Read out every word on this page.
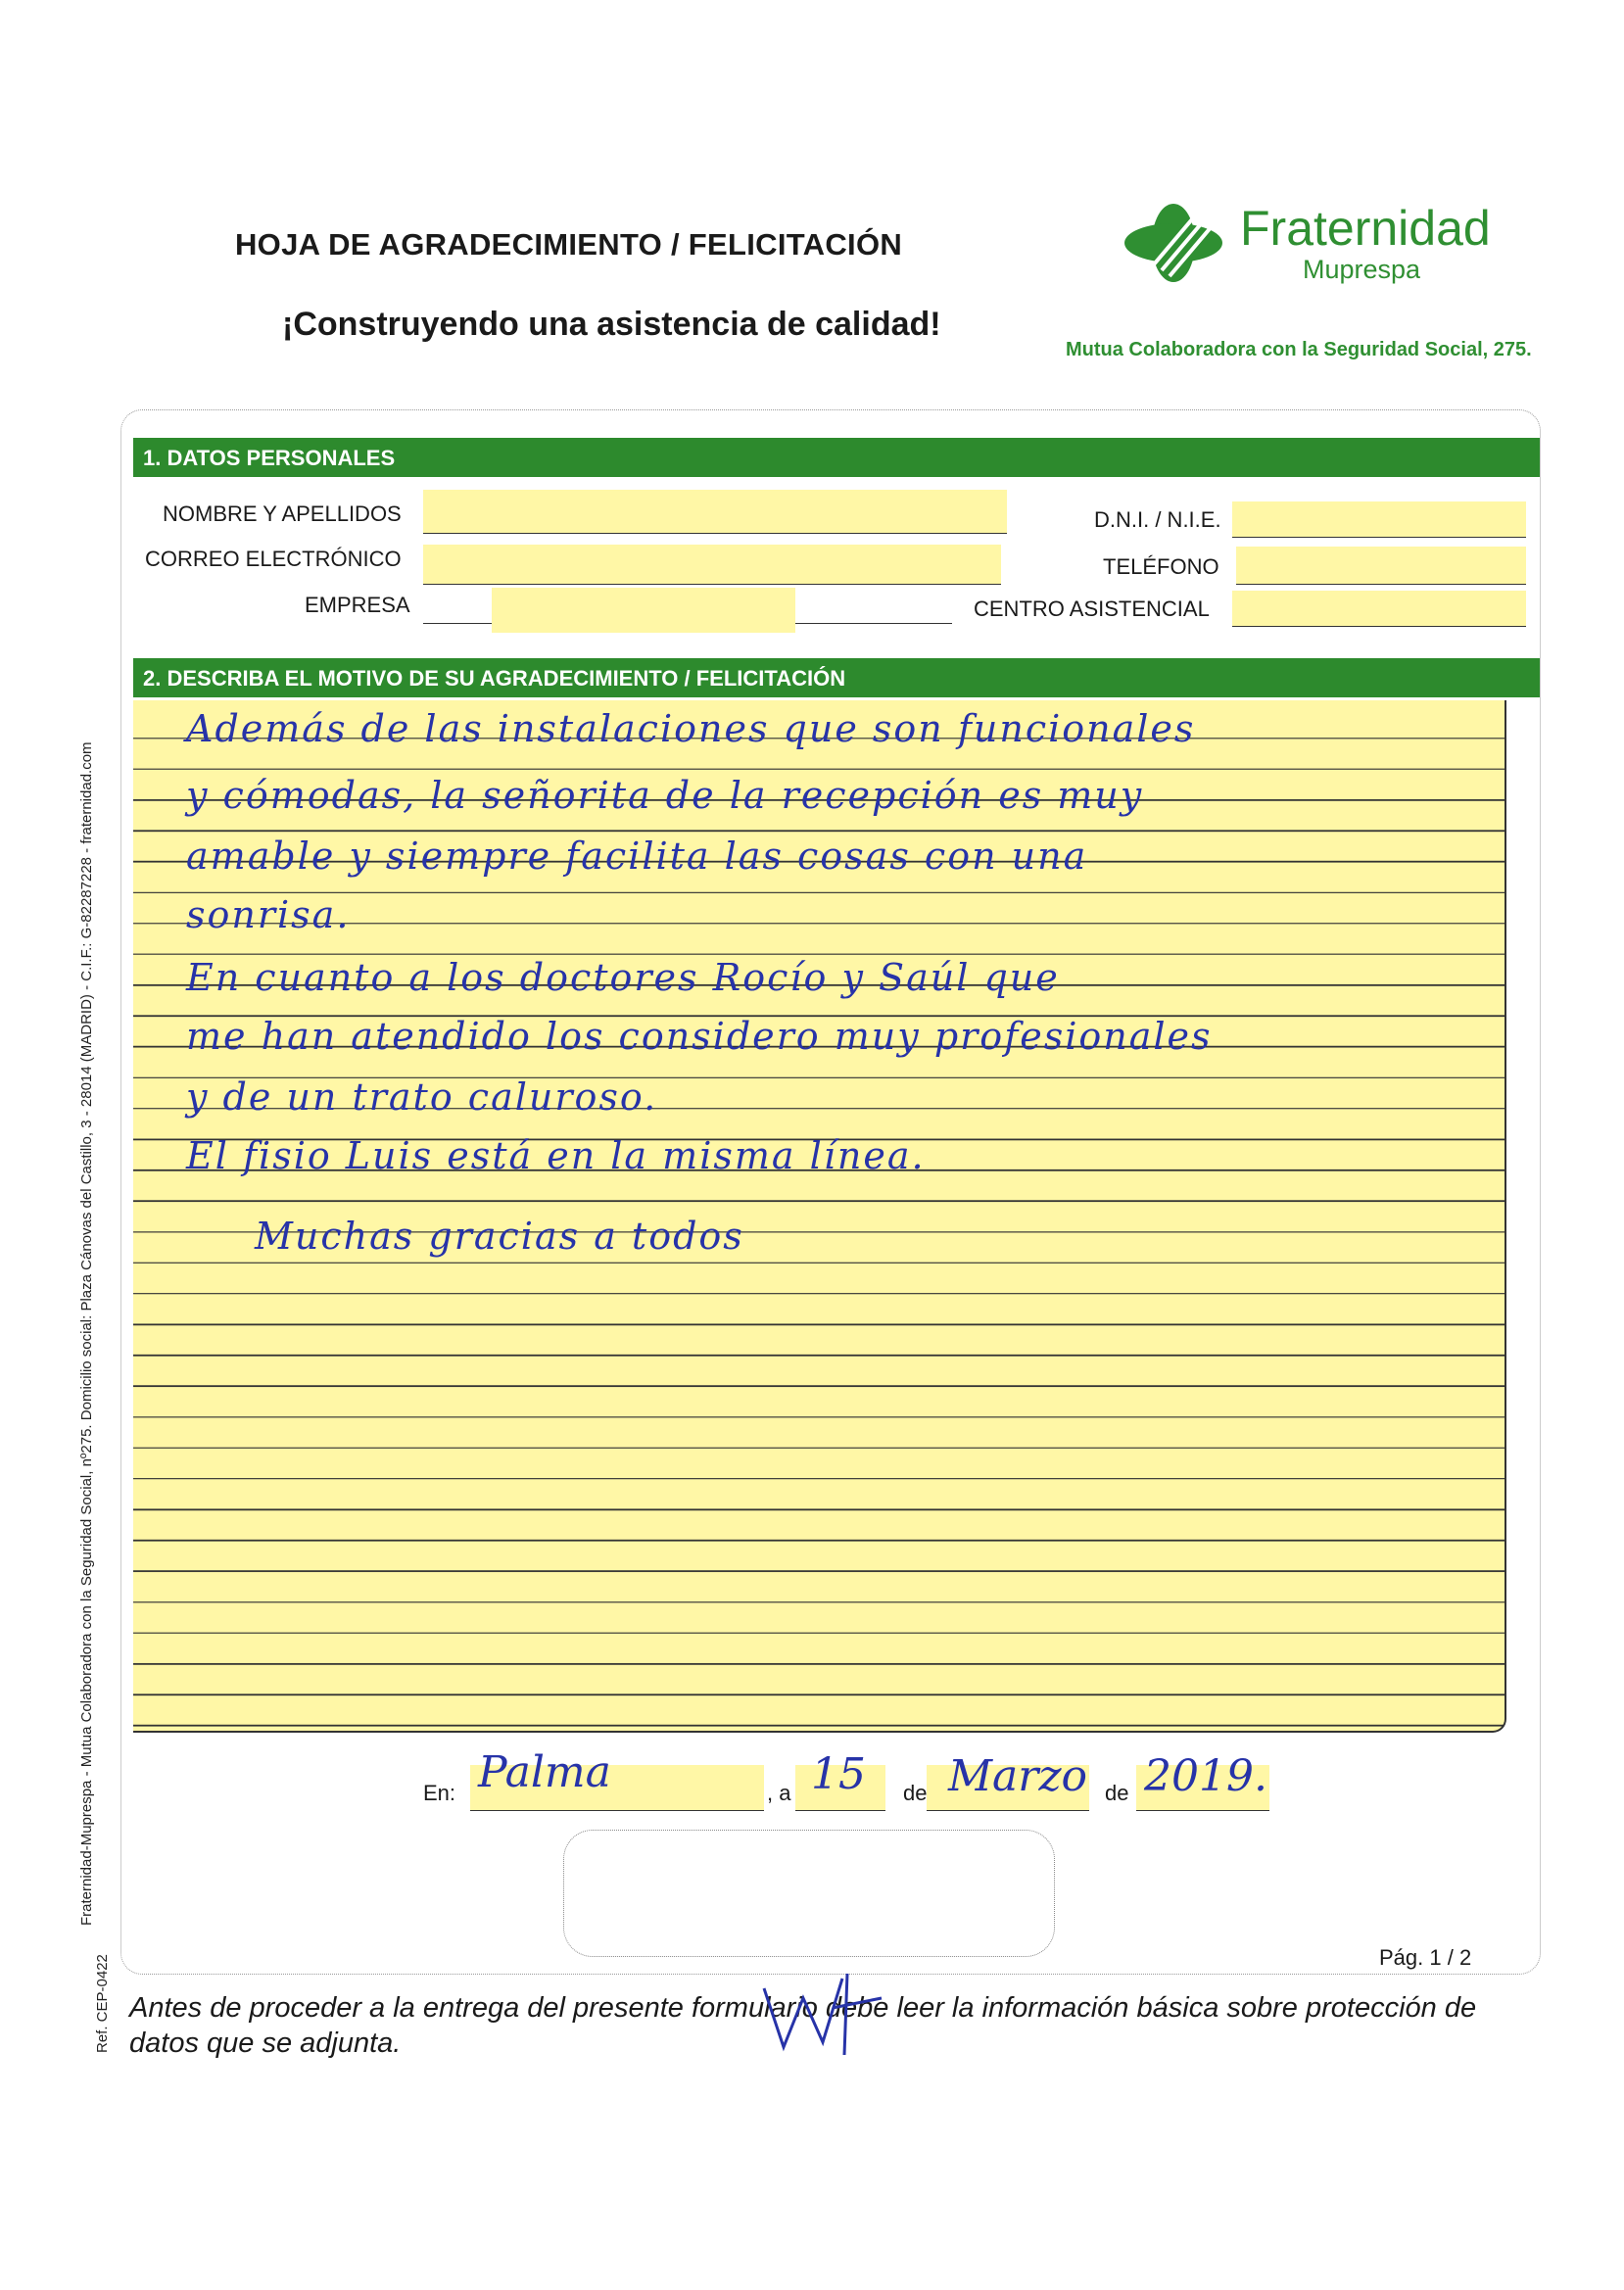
HOJA DE AGRADECIMIENTO / FELICITACIÓN
¡Construyendo una asistencia de calidad!
Fraternidad
Muprespa
Mutua Colaboradora con la Seguridad Social, 275.
1. DATOS PERSONALES
NOMBRE Y APELLIDOS
CORREO ELECTRÓNICO
EMPRESA
D.N.I. / N.I.E.
TELÉFONO
CENTRO ASISTENCIAL
2. DESCRIBA EL MOTIVO DE SU AGRADECIMIENTO / FELICITACIÓN
Además de las instalaciones que son funcionales
y cómodas, la señorita de la recepción es muy
amable y siempre facilita las cosas con una
sonrisa.
En cuanto a los doctores Rocío y Saúl que
me han atendido los considero muy profesionales
y de un trato caluroso.
El fisio Luis está en la misma línea.
Muchas gracias a todos
En: Palma	, a 15 de Marzo de 2019.
Pág. 1 / 2
Antes de proceder a la entrega del presente formulario debe leer la información básica sobre protección de datos que se adjunta.
Fraternidad-Muprespa - Mutua Colaboradora con la Seguridad Social, nº275. Domicilio social: Plaza Cánovas del Castillo, 3 - 28014 (MADRID) - C.I.F.: G-82287228 - fraternidad.com
Ref. CEP-0422
